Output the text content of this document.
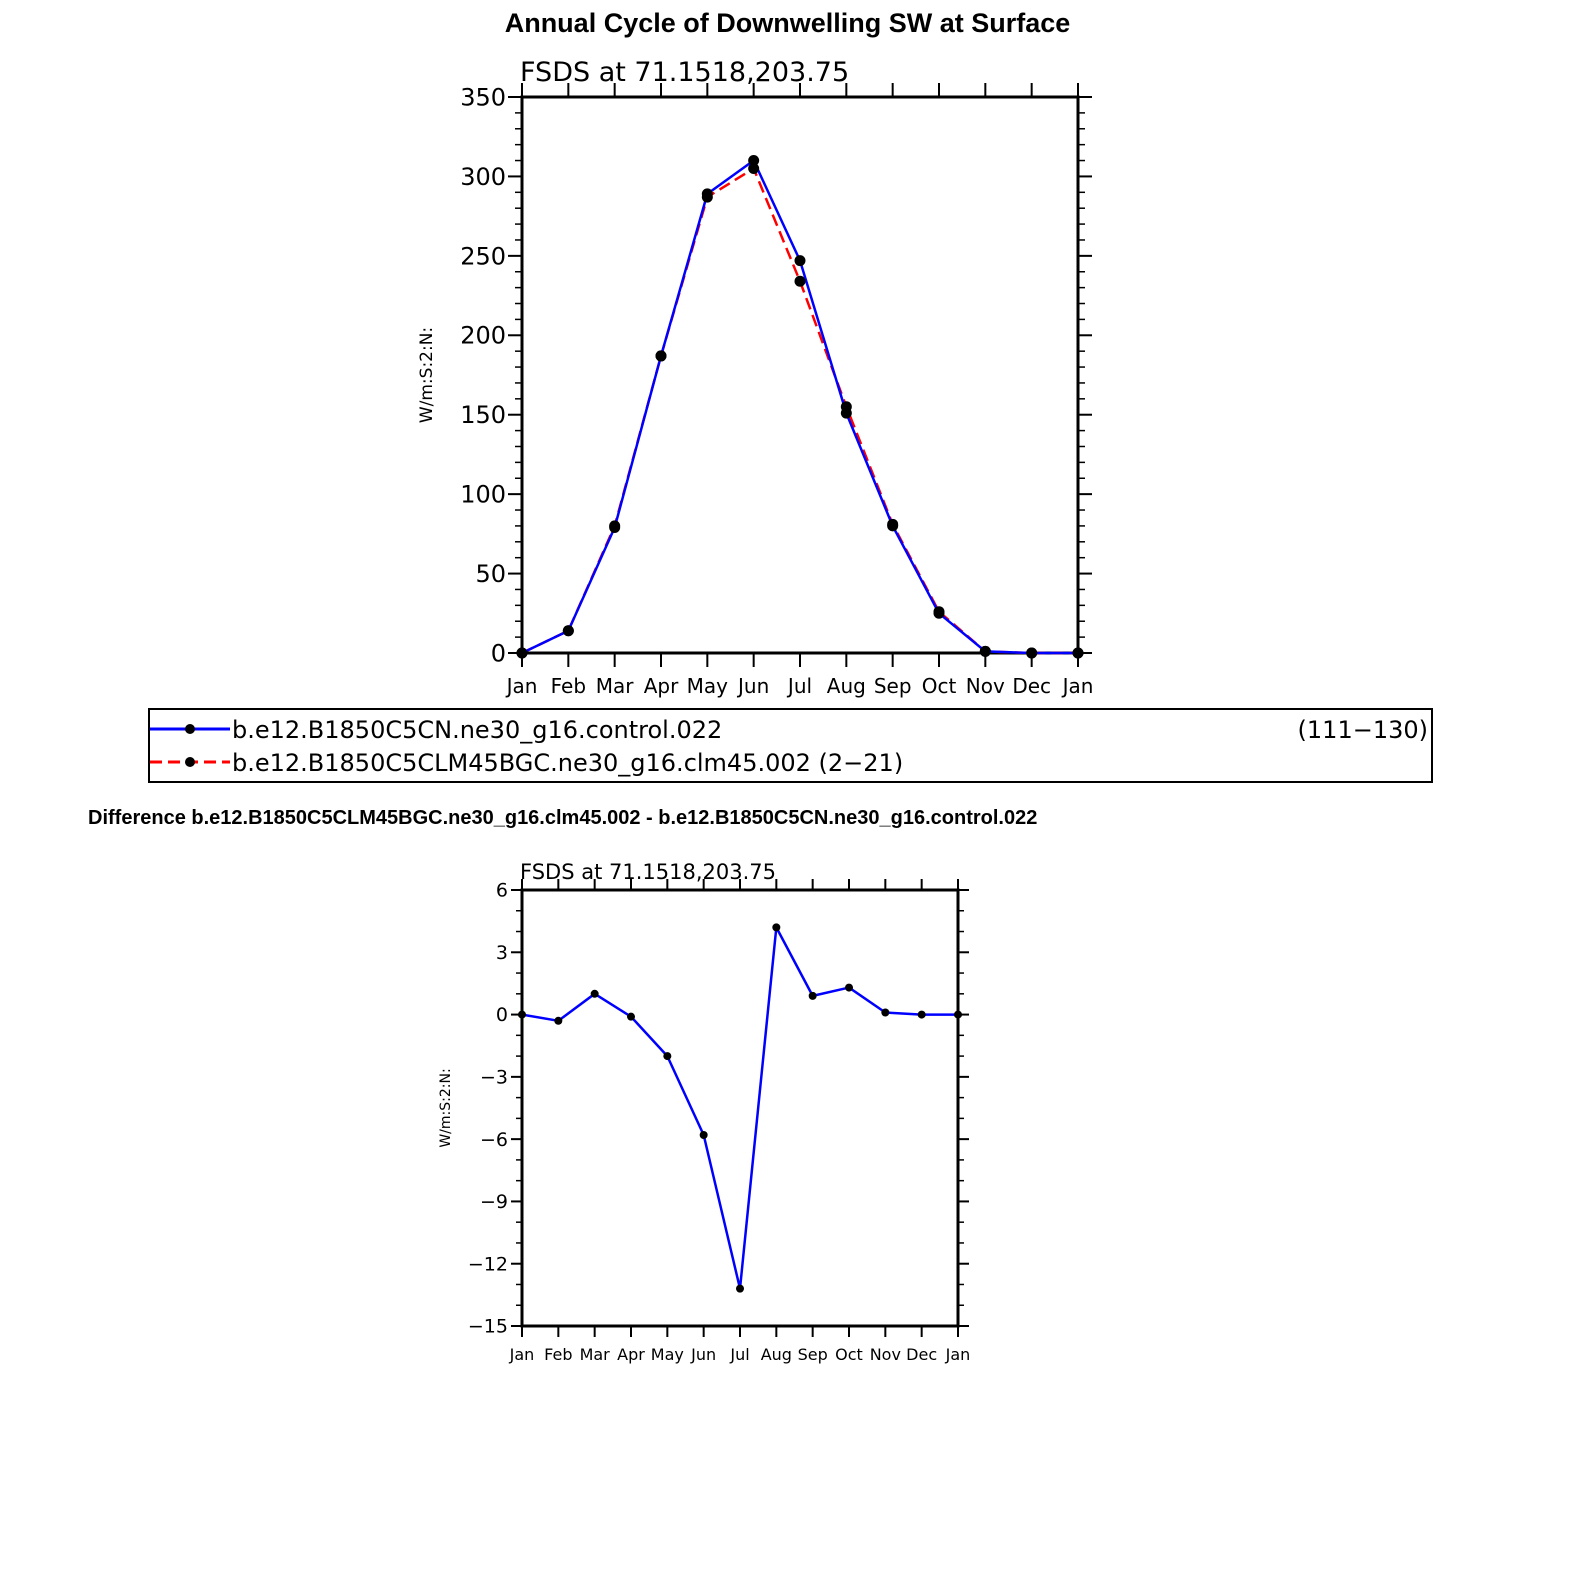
Annual Cycle of Downwelling SW at Surface
Difference b.e12.B1850C5CLM45BGC.ne30_g16.clm45.002 - b.e12.B1850C5CN.ne30_g16.control.022
Jan Feb Mar Apr May Jun Jul Aug Sep Oct Nov Dec Jan
0
50
100
150
200
250
300
350
FSDS at 71.1518,203.75
W/m:S:2:N:
Jan Feb Mar Apr May Jun Jul Aug Sep Oct Nov Dec Jan
−15
−12
−9
−6
−3
0
3
6
FSDS at 71.1518,203.75
W/m:S:2:N:
b.e12.B1850C5CN.ne30_g16.control.022	(111−130)
b.e12.B1850C5CLM45BGC.ne30_g16.clm45.002 (2−21)
